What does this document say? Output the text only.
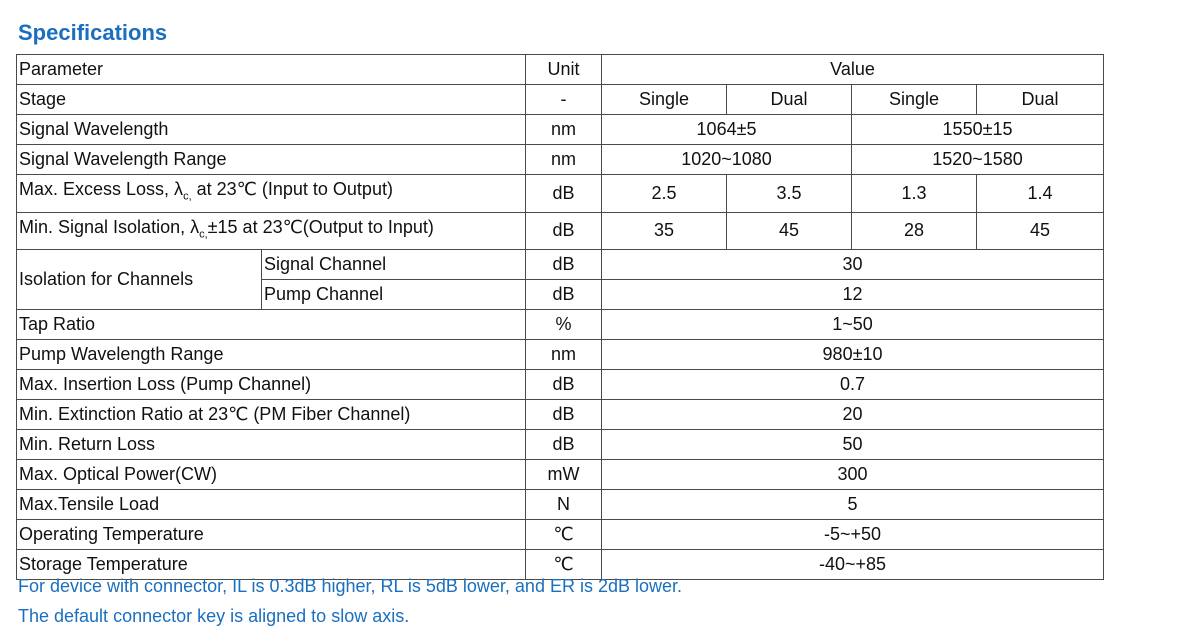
Specifications
Parameter		Unit	Value			
Stage		-	Single	Dual	Single	Dual
Signal Wavelength		nm	1064±5		1550±15	
Signal Wavelength Range		nm	1020~1080		1520~1580	
Max. Excess Loss, $\lambda_{c,}$ at 23℃ (Input to Output)		dB	2.5	3.5	1.3	1.4
Min. Signal Isolation, $\lambda_{c,}\pm 15$ at 23℃(Output to Input)		dB	35	45	28	45
Isolation for Channels	Signal Channel	dB	30			
	Pump Channel	dB	12			
Tap Ratio		%	1~50			
Pump Wavelength Range		nm	980±10			
Max. Insertion Loss (Pump Channel)		dB	0.7			
Min. Extinction Ratio at 23℃ (PM Fiber Channel)		dB	20			
Min. Return Loss		dB	50			
Max. Optical Power(CW)		mW	300			
Max.Tensile Load		N	5			
Operating Temperature		℃	-5~+50			
Storage Temperature		℃	-40~+85			

For device with connector, IL is 0.3dB higher, RL is 5dB lower, and ER is 2dB lower.

The default connector key is aligned to slow axis.
